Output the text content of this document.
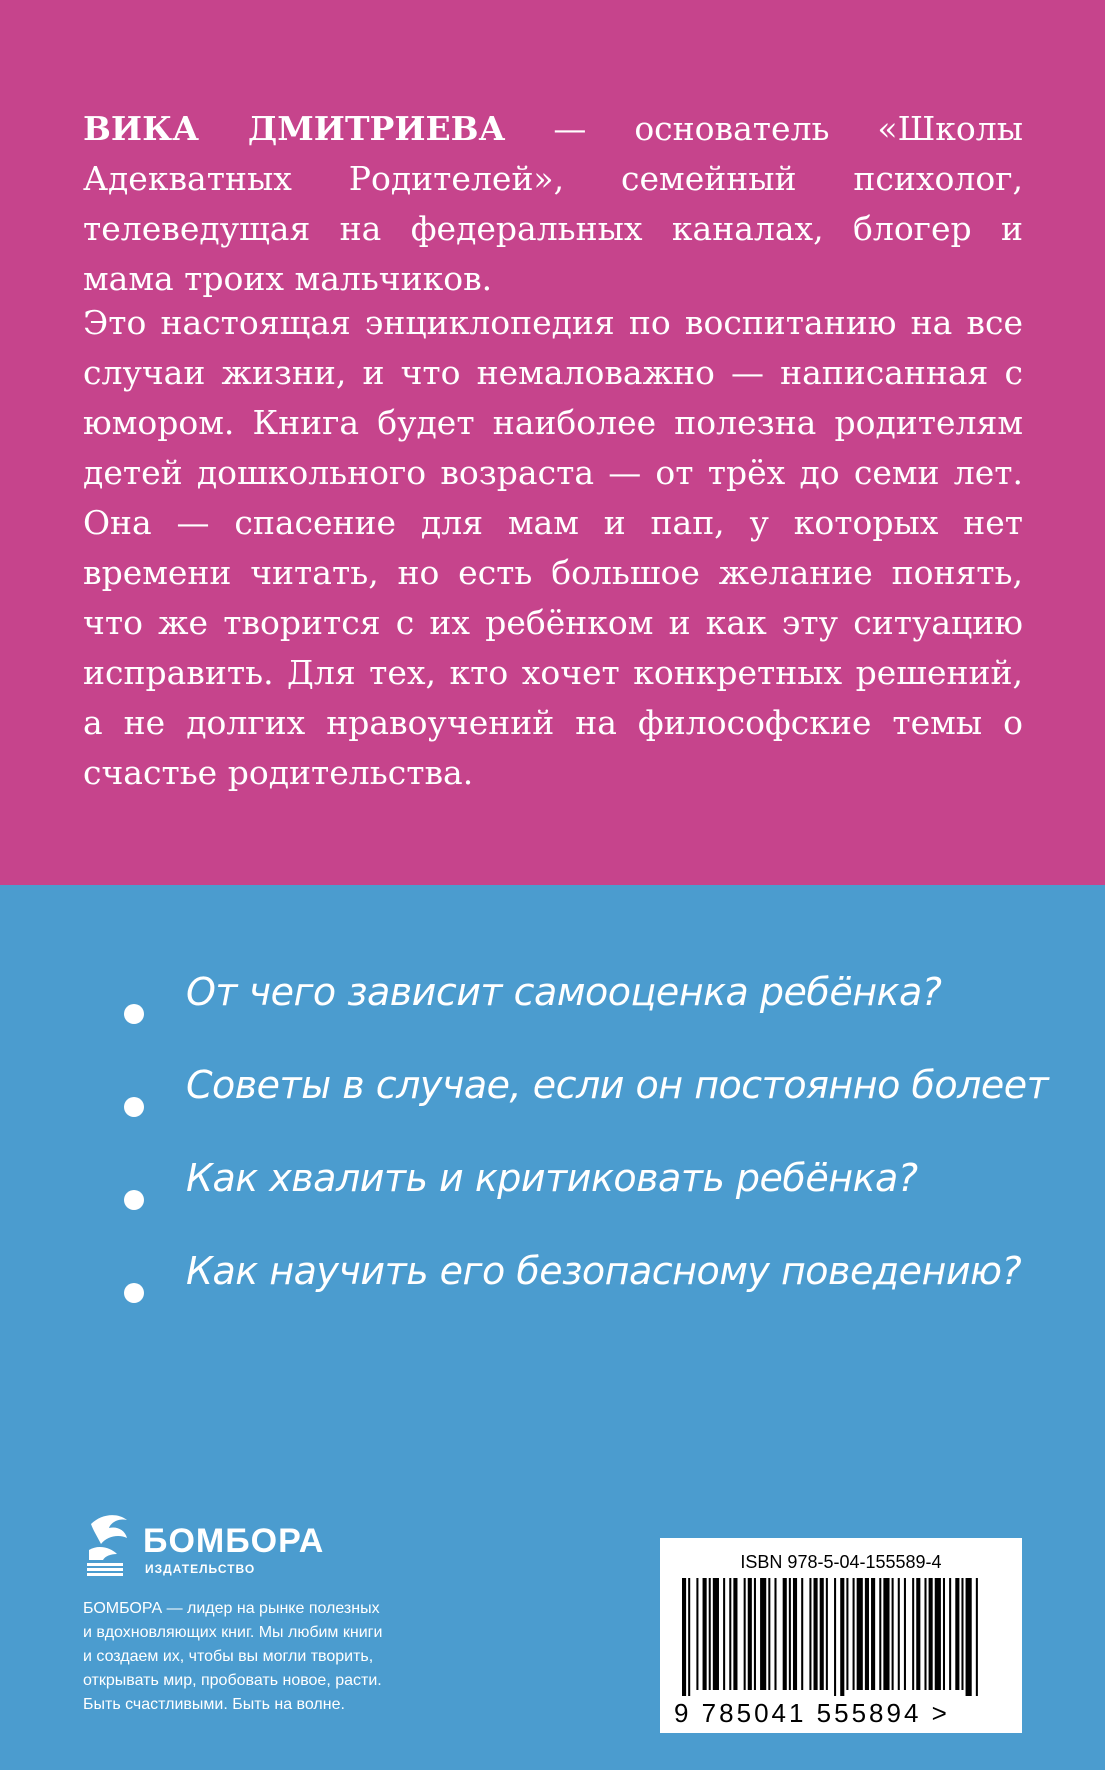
ВИКА ДМИТРИЕВА — основатель «Школы Адекватных Родителей», семейный психолог, телеведущая на федеральных каналах, блогер и мама троих мальчиков.

Это настоящая энциклопедия по воспитанию на все случаи жизни, и что немаловажно — написанная с юмором. Книга будет наиболее полезна родителям детей дошкольного возраста — от трёх до семи лет. Она — спасение для мам и пап, у которых нет времени читать, но есть большое желание понять, что же творится с их ребёнком и как эту ситуацию исправить. Для тех, кто хочет конкретных решений, а не долгих нравоучений на философские темы о счастье родительства.

От чего зависит самооценка ребёнка?
Советы в случае, если он постоянно болеет
Как хвалить и критиковать ребёнка?
Как научить его безопасному поведению?
БОМБОРА
ИЗДАТЕЛЬСТВО
БОМБОРА — лидер на рынке полезных
и вдохновляющих книг. Мы любим книги
и создаем их, чтобы вы могли творить,
открывать мир, пробовать новое, расти.
Быть счастливыми. Быть на волне.
ISBN 978-5-04-155589-4
9 785041 555894 >
